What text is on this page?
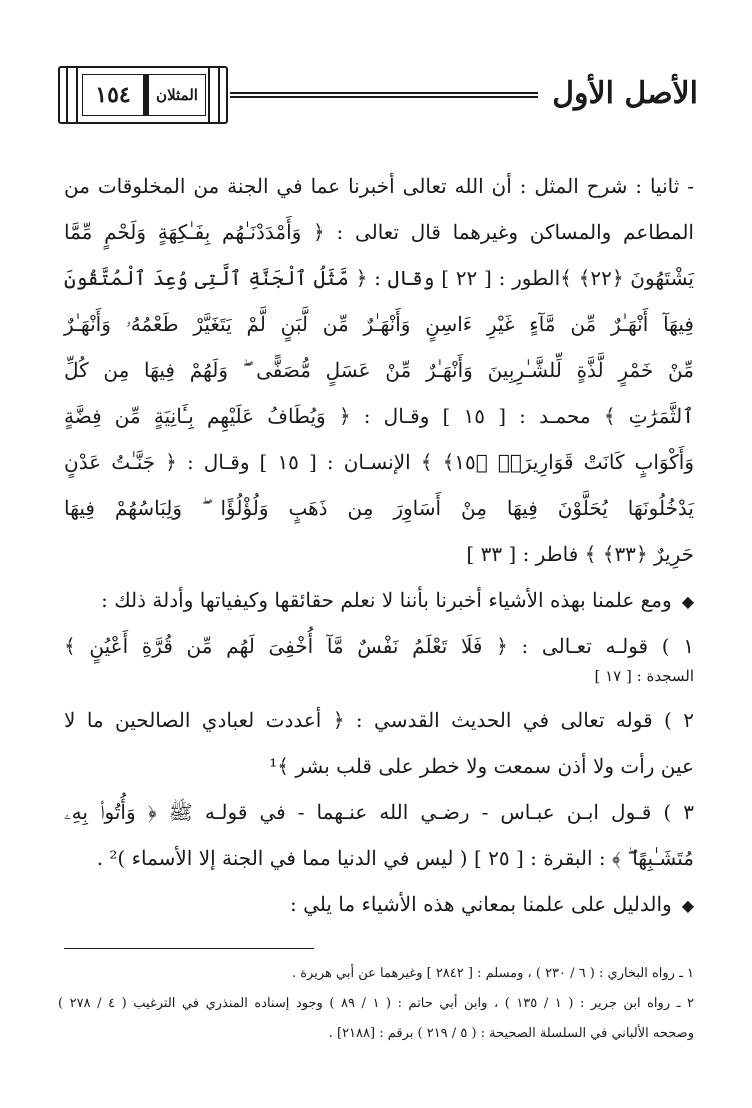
الأصل الأول
١٥٤	المثلان
- ثانيا : شرح المثل : أن الله تعالى أخبرنا عما في الجنة من المخلوقات من
المطاعم والمساكن وغيرهما قال تعالى : ﴿ وَأَمْدَدْنَـٰهُم بِفَـٰكِهَةٍ وَلَحْمٍ مِّمَّا
يَشْتَهُونَ ﴿٢٢﴾ ﴾الطور : [ ٢٢ ] وقال : ﴿ مَّثَلُ ٱلْجَنَّةِ ٱلَّتِى وُعِدَ ٱلْمُتَّقُونَ
فِيهَآ أَنْهَـٰرٌ مِّن مَّآءٍ غَيْرِ ءَاسِنٍ وَأَنْهَـٰرٌ مِّن لَّبَنٍ لَّمْ يَتَغَيَّرْ طَعْمُهُۥ وَأَنْهَـٰرٌ
مِّنْ خَمْرٍ لَّذَّةٍ لِّلشَّـٰرِبِينَ وَأَنْهَـٰرٌ مِّنْ عَسَلٍ مُّصَفًّى ۖ وَلَهُمْ فِيهَا مِن كُلِّ
ٱلثَّمَرَٰتِ ﴾ محمـد : [ ١٥ ] وقـال : ﴿ وَيُطَافُ عَلَيْهِم بِـَٔانِيَةٍ مِّن فِضَّةٍ
وَأَكْوَابٍ كَانَتْ قَوَارِيرَا۠ ﴿١٥﴾ ﴾ الإنسـان : [ ١٥ ] وقـال : ﴿ جَنَّـٰتُ عَدْنٍ
يَدْخُلُونَهَا يُحَلَّوْنَ فِيهَا مِنْ أَسَاوِرَ مِن ذَهَبٍ وَلُؤْلُؤًا ۖ وَلِبَاسُهُمْ فِيهَا
حَرِيرٌ ﴿٣٣﴾ ﴾ فاطر : [ ٣٣ ]
◆ومع علمنا بهذه الأشياء أخبرنا بأننا لا نعلم حقائقها وكيفياتها وأدلة ذلك :
١ ) قولـه تعـالى : ﴿ فَلَا تَعْلَمُ نَفْسٌ مَّآ أُخْفِىَ لَهُم مِّن قُرَّةِ أَعْيُنٍ ﴾
السجدة : [ ١٧ ]
٢ ) قوله تعالى في الحديث القدسي : ﴿ أعددت لعبادي الصالحين ما لا
عين رأت ولا أذن سمعت ولا خطر على قلب بشر ﴾¹
٣ ) قـول ابـن عبـاس - رضـي الله عنـهما - في قولـه ﷺ ﴿ وَأُتُوا۟ بِهِۦ
مُتَشَـٰبِهًا ۖ ﴾ : البقرة : [ ٢٥ ] ( ليس في الدنيا مما في الجنة إلا الأسماء )² .
◆والدليل على علمنا بمعاني هذه الأشياء ما يلي :
١ ـ رواه البخاري : ( ٦ / ٢٣٠ ) ، ومسلم : [ ٢٨٤٢ ] وغيرهما عن أبي هريرة .
٢ ـ رواه ابن جرير : ( ١ / ١٣٥ ) ، وابن أبي حاتم : ( ١ / ٨٩ ) وجود إسناده المنذري في الترغيب ( ٤ / ٢٧٨ )
وصححه الألباني في السلسلة الصحيحة : ( ٥ / ٢١٩ ) برقم : [٢١٨٨] .
